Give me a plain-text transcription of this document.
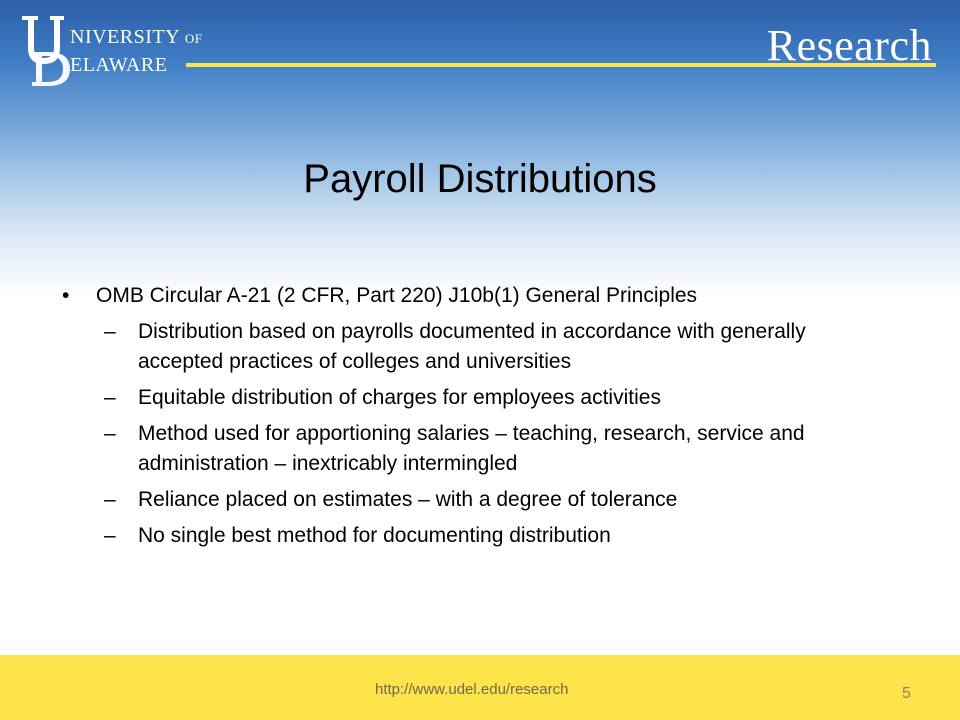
NIVERSITY OF
ELAWARE	Research
Payroll Distributions
• OMB Circular A-21 (2 CFR, Part 220) J10b(1) General Principles
– Distribution based on payrolls documented in accordance with generally accepted practices of colleges and universities
– Equitable distribution of charges for employees activities
– Method used for apportioning salaries – teaching, research, service and administration – inextricably intermingled
– Reliance placed on estimates – with a degree of tolerance
– No single best method for documenting distribution
http://www.udel.edu/research	5
